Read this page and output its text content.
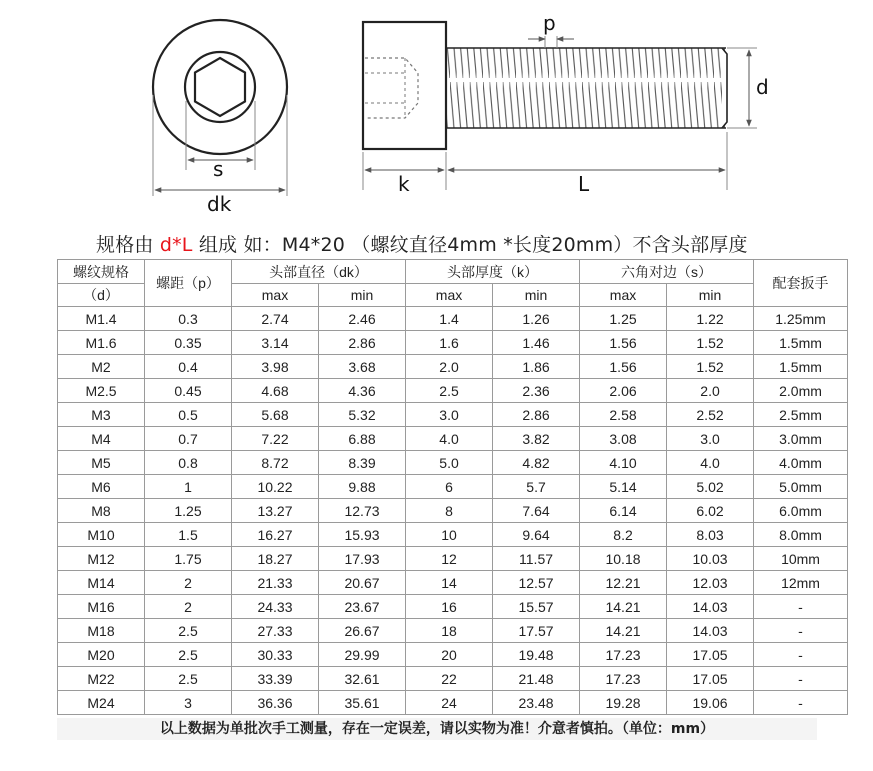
s
dk
p
d
k	L
规格由 d*L 组成 如：M4*20 （螺纹直径4mm *长度20mm）不含头部厚度
螺纹规格	螺距（p）	头部直径（dk）		头部厚度（k）		六角对边（s）		配套扳手
（d）		max	min	max	min	max	min	
M1.4	0.3	2.74	2.46	1.4	1.26	1.25	1.22	1.25mm
M1.6	0.35	3.14	2.86	1.6	1.46	1.56	1.52	1.5mm
M2	0.4	3.98	3.68	2.0	1.86	1.56	1.52	1.5mm
M2.5	0.45	4.68	4.36	2.5	2.36	2.06	2.0	2.0mm
M3	0.5	5.68	5.32	3.0	2.86	2.58	2.52	2.5mm
M4	0.7	7.22	6.88	4.0	3.82	3.08	3.0	3.0mm
M5	0.8	8.72	8.39	5.0	4.82	4.10	4.0	4.0mm
M6	1	10.22	9.88	6	5.7	5.14	5.02	5.0mm
M8	1.25	13.27	12.73	8	7.64	6.14	6.02	6.0mm
M10	1.5	16.27	15.93	10	9.64	8.2	8.03	8.0mm
M12	1.75	18.27	17.93	12	11.57	10.18	10.03	10mm
M14	2	21.33	20.67	14	12.57	12.21	12.03	12mm
M16	2	24.33	23.67	16	15.57	14.21	14.03	-
M18	2.5	27.33	26.67	18	17.57	14.21	14.03	-
M20	2.5	30.33	29.99	20	19.48	17.23	17.05	-
M22	2.5	33.39	32.61	22	21.48	17.23	17.05	-
M24	3	36.36	35.61	24	23.48	19.28	19.06	-
以上数据为单批次手工测量，存在一定误差，请以实物为准！介意者慎拍。（单位：mm）
